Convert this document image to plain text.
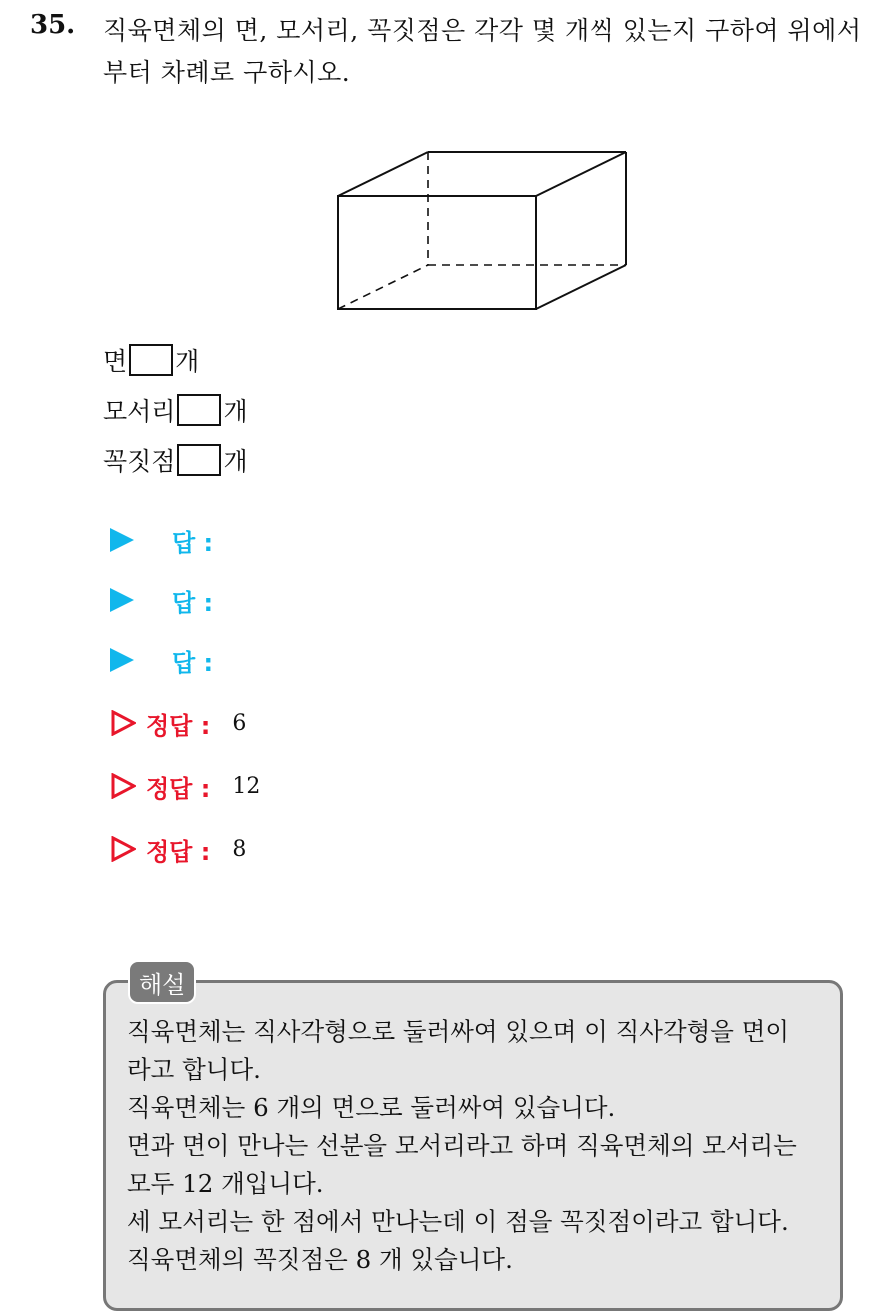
35. 직육면체의 면, 모서리, 꼭짓점은 각각 몇 개씩 있는지 구하여 위에서
부터 차례로 구하시오.
면 개
모서리 개
꼭짓점 개
답 :
답 :
답 :
정답 : 6
정답 : 12
정답 : 8
해설
직육면체는 직사각형으로 둘러싸여 있으며 이 직사각형을 면이
라고 합니다.
직육면체는 6 개의 면으로 둘러싸여 있습니다.
면과 면이 만나는 선분을 모서리라고 하며 직육면체의 모서리는
모두 12 개입니다.
세 모서리는 한 점에서 만나는데 이 점을 꼭짓점이라고 합니다.
직육면체의 꼭짓점은 8 개 있습니다.
